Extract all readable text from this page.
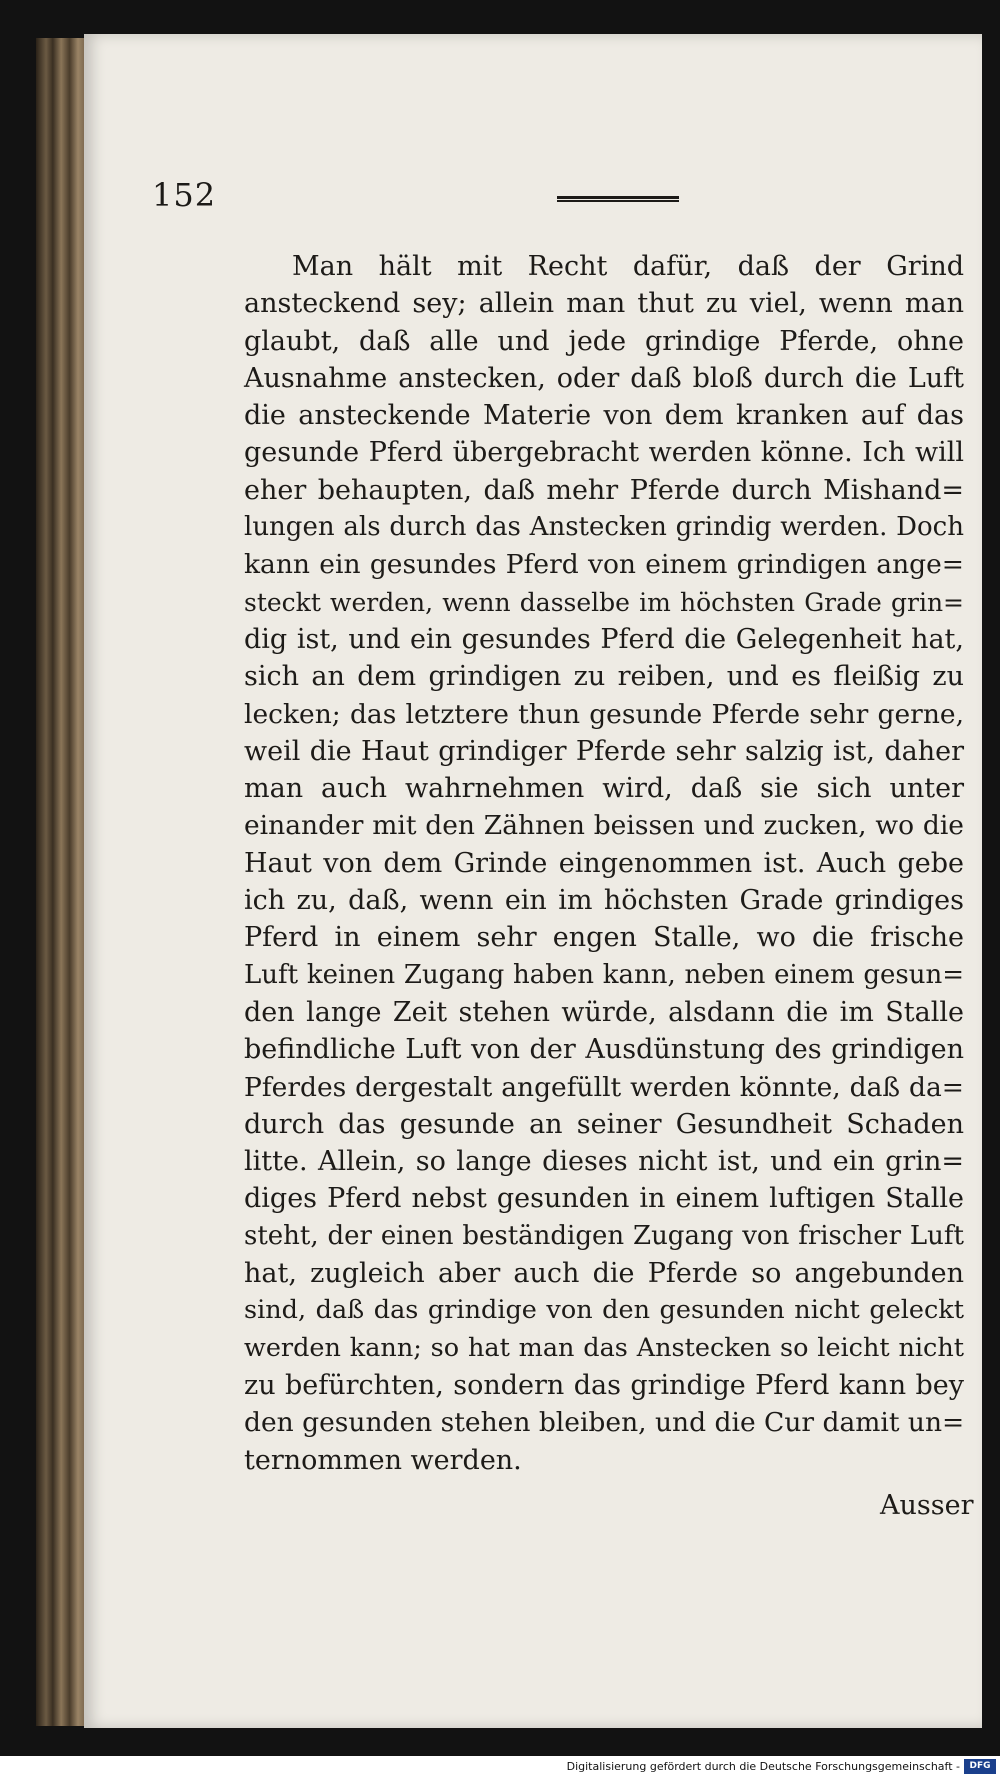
152
Man hält mit Recht dafür, daß der Grind
ansteckend sey; allein man thut zu viel, wenn man
glaubt, daß alle und jede grindige Pferde, ohne
Ausnahme anstecken, oder daß bloß durch die Luft
die ansteckende Materie von dem kranken auf das
gesunde Pferd übergebracht werden könne. Ich will
eher behaupten, daß mehr Pferde durch Mishand=
lungen als durch das Anstecken grindig werden. Doch
kann ein gesundes Pferd von einem grindigen ange=
steckt werden, wenn dasselbe im höchsten Grade grin=
dig ist, und ein gesundes Pferd die Gelegenheit hat,
sich an dem grindigen zu reiben, und es fleißig zu
lecken; das letztere thun gesunde Pferde sehr gerne,
weil die Haut grindiger Pferde sehr salzig ist, daher
man auch wahrnehmen wird, daß sie sich unter
einander mit den Zähnen beissen und zucken, wo die
Haut von dem Grinde eingenommen ist. Auch gebe
ich zu, daß, wenn ein im höchsten Grade grindiges
Pferd in einem sehr engen Stalle, wo die frische
Luft keinen Zugang haben kann, neben einem gesun=
den lange Zeit stehen würde, alsdann die im Stalle
befindliche Luft von der Ausdünstung des grindigen
Pferdes dergestalt angefüllt werden könnte, daß da=
durch das gesunde an seiner Gesundheit Schaden
litte. Allein, so lange dieses nicht ist, und ein grin=
diges Pferd nebst gesunden in einem luftigen Stalle
steht, der einen beständigen Zugang von frischer Luft
hat, zugleich aber auch die Pferde so angebunden
sind, daß das grindige von den gesunden nicht geleckt
werden kann; so hat man das Anstecken so leicht nicht
zu befürchten, sondern das grindige Pferd kann bey
den gesunden stehen bleiben, und die Cur damit un=
ternommen werden.
Ausser
Digitalisierung gefördert durch die Deutsche Forschungsgemeinschaft -	DFG
